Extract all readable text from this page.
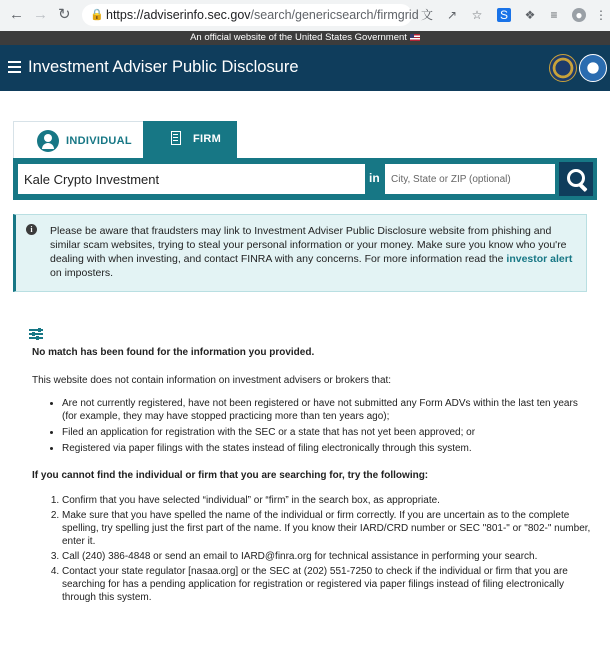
← → ↻ 🔒 https://adviserinfo.sec.gov/search/genericsearch/firmgrid 文 ↗ ☆ S ❖ ≡ ● ⋮
An official website of the United States Government
Investment Adviser Public Disclosure
INDIVIDUAL	FIRM
Kale Crypto Investment
in
City, State or ZIP (optional)
i	Please be aware that fraudsters may link to Investment Adviser Public Disclosure website from phishing and similar scam websites, trying to steal your personal information or your money. Make sure you know who you're dealing with when investing, and contact FINRA with any concerns. For more information read the investor alert on imposters.
No match has been found for the information you provided.
This website does not contain information on investment advisers or brokers that:
• Are not currently registered, have not been registered or have not submitted any Form ADVs within the last ten years (for example, they may have stopped practicing more than ten years ago);
• Filed an application for registration with the SEC or a state that has not yet been approved; or
• Registered via paper filings with the states instead of filing electronically through this system.
If you cannot find the individual or firm that you are searching for, try the following:
1. Confirm that you have selected “individual” or “firm” in the search box, as appropriate.
2. Make sure that you have spelled the name of the individual or firm correctly. If you are uncertain as to the complete spelling, try spelling just the first part of the name. If you know their IARD/CRD number or SEC "801-" or "802-" number, enter it.
3. Call (240) 386-4848 or send an email to IARD@finra.org for technical assistance in performing your search.
4. Contact your state regulator [nasaa.org] or the SEC at (202) 551-7250 to check if the individual or firm that you are searching for has a pending application for registration or registered via paper filings instead of filing electronically through this system.
